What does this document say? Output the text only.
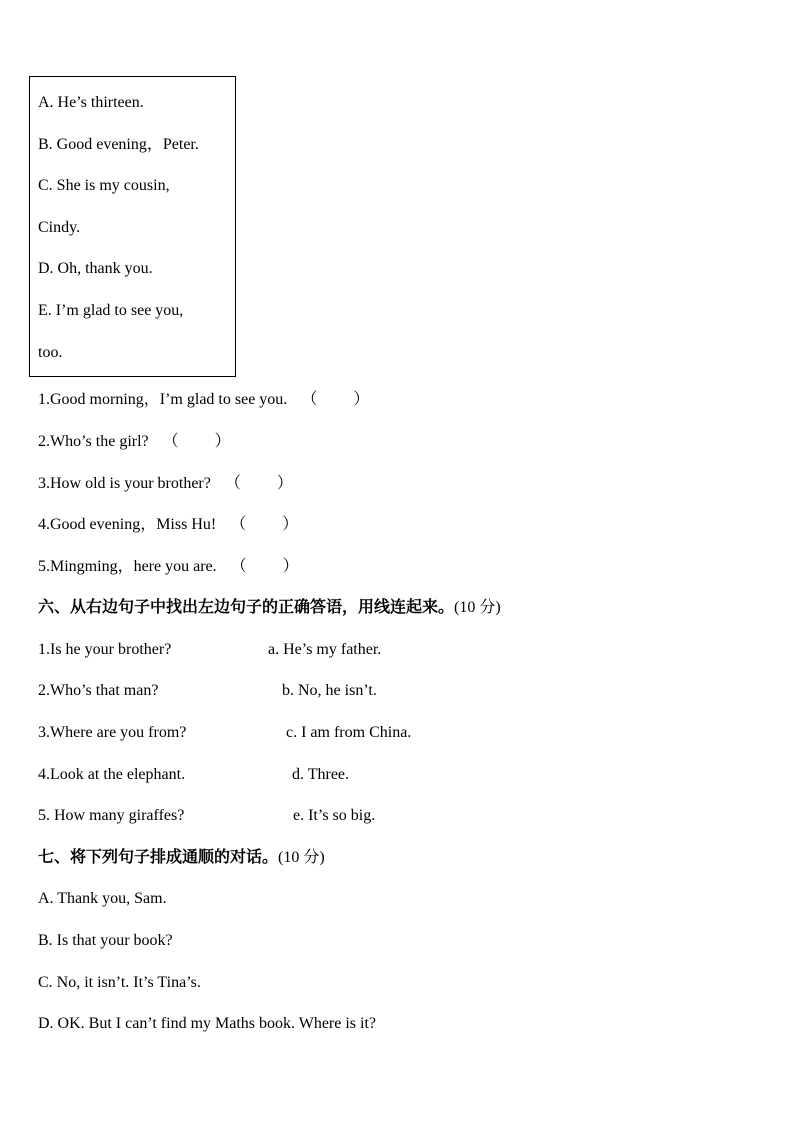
A. He’s thirteen.
B. Good evening，Peter.
C. She is my cousin,
Cindy.
D. Oh, thank you.
E. I’m glad to see you,
too.
1.Good morning，I’m glad to see you. （ ）
2.Who’s the girl? （ ）
3.How old is your brother? （ ）
4.Good evening，Miss Hu! （ ）
5.Mingming，here you are. （ ）
六、从右边句子中找出左边句子的正确答语，用线连起来。(10 分)
1.Is he your brother?	a. He’s my father.
2.Who’s that man?	b. No, he isn’t.
3.Where are you from?	c. I am from China.
4.Look at the elephant.	d. Three.
5. How many giraffes?	e. It’s so big.
七、将下列句子排成通顺的对话。(10 分)
A. Thank you, Sam.
B. Is that your book?
C. No, it isn’t. It’s Tina’s.
D. OK. But I can’t find my Maths book. Where is it?
